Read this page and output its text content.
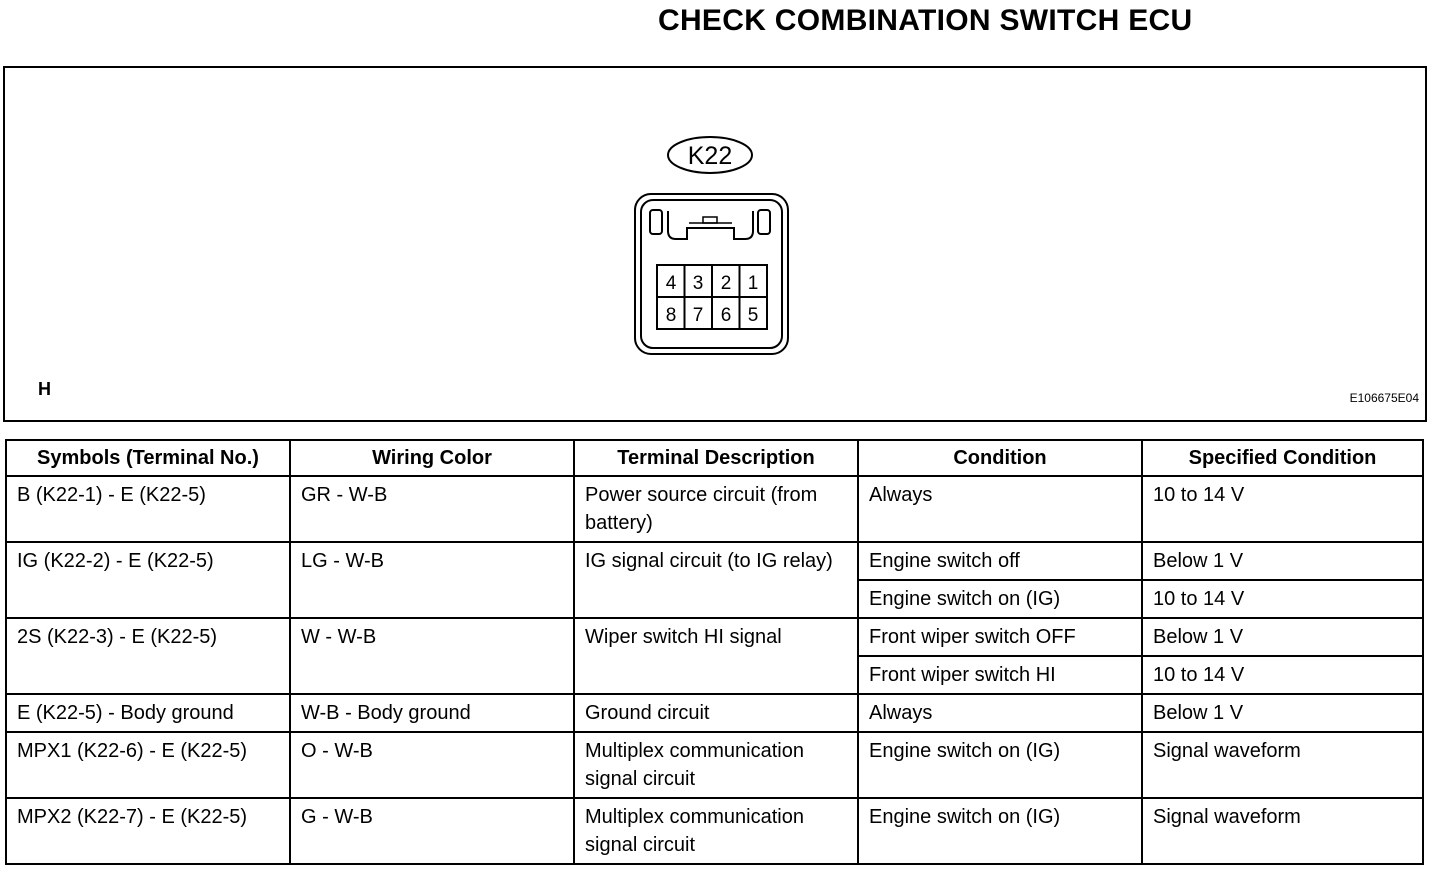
CHECK COMBINATION SWITCH ECU
K22
4 3 2 1
8 7 6 5
H	E106675E04
Symbols (Terminal No.)	Wiring Color	Terminal Description	Condition	Specified Condition
B (K22-1) - E (K22-5)	GR - W-B	Power source circuit (from battery)	Always	10 to 14 V
IG (K22-2) - E (K22-5)	LG - W-B	IG signal circuit (to IG relay)	Engine switch off	Below 1 V
			Engine switch on (IG)	10 to 14 V
2S (K22-3) - E (K22-5)	W - W-B	Wiper switch HI signal	Front wiper switch OFF	Below 1 V
			Front wiper switch HI	10 to 14 V
E (K22-5) - Body ground	W-B - Body ground	Ground circuit	Always	Below 1 V
MPX1 (K22-6) - E (K22-5)	O - W-B	Multiplex communication signal circuit	Engine switch on (IG)	Signal waveform
MPX2 (K22-7) - E (K22-5)	G - W-B	Multiplex communication signal circuit	Engine switch on (IG)	Signal waveform
